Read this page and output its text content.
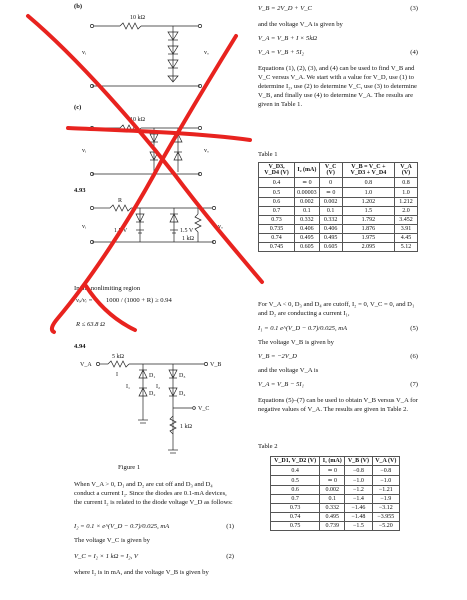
(b)
10 kΩ
vᵢ	vₒ
(c)
10 kΩ
vᵢ	vₒ
4.93
R
1.5 V	1.5 V
1 kΩ
vᵢ	vₒ
In the nonlimiting region
vₒ/vᵢ = 1000 / (1000 + R) ≥ 0.94
R ≤ 63.8 Ω
4.94
5 kΩ
V_A	V_B
I	D₁
D₂
D₃
D₄
I₁	I₂
V_C
1 kΩ
Figure 1
When V_A > 0, D₁ and D₂ are cut off and D₃ and D₄ conduct a current I₂. Since the diodes are 0.1-mA devices, the current I₂ is related to the diode voltage V_D as follows:
I₂ = 0.1 × e^(V_D − 0.7)/0.025, mA	(1)
The voltage V_C is given by
V_C = I₂ × 1 kΩ = I₂, V	(2)
where I₂ is in mA, and the voltage V_B is given by
V_B = 2V_D + V_C	(3)
and the voltage V_A is given by
V_A = V_B + I × 5kΩ
V_A = V_B + 5I₂	(4)
Equations (1), (2), (3), and (4) can be used to find V_B and V_C versus V_A. We start with a value for V_D, use (1) to determine I₂, use (2) to determine V_C, use (3) to determine V_B, and finally use (4) to determine V_A. The results are given in Table 1.
Table 1
V_D3, V_D4 (V)	I₂ (mA)	V_C (V)	V_B = V_C + V_D3 + V_D4	V_A (V)
0.4	≃ 0	0	0.8	0.8
0.5	0.00003	≃ 0	1.0	1.0
0.6	0.002	0.002	1.202	1.212
0.7	0.1	0.1	1.5	2.0
0.73	0.332	0.332	1.792	3.452
0.735	0.406	0.406	1.876	3.91
0.74	0.495	0.495	1.975	4.45
0.745	0.605	0.605	2.095	5.12
For V_A < 0, D₃ and D₄ are cutoff, I₂ = 0, V_C = 0, and D₁ and D₂ are conducting a current I₁,
I₁ = 0.1 e^(V_D − 0.7)/0.025, mA	(5)
The voltage V_B is given by
V_B = −2V_D	(6)
and the voltage V_A is
V_A = V_B − 5I₁	(7)
Equations (5)–(7) can be used to obtain V_B versus V_A for negative values of V_A. The results are given in Table 2.
Table 2
V_D1, V_D2 (V)	I₁ (mA)	V_B (V)	V_A (V)
0.4	≃ 0	−0.8	−0.8
0.5	≃ 0	−1.0	−1.0
0.6	0.002	−1.2	−1.21
0.7	0.1	−1.4	−1.9
0.73	0.332	−1.46	−3.12
0.74	0.495	−1.48	−3.955
0.75	0.739	−1.5	−5.20
